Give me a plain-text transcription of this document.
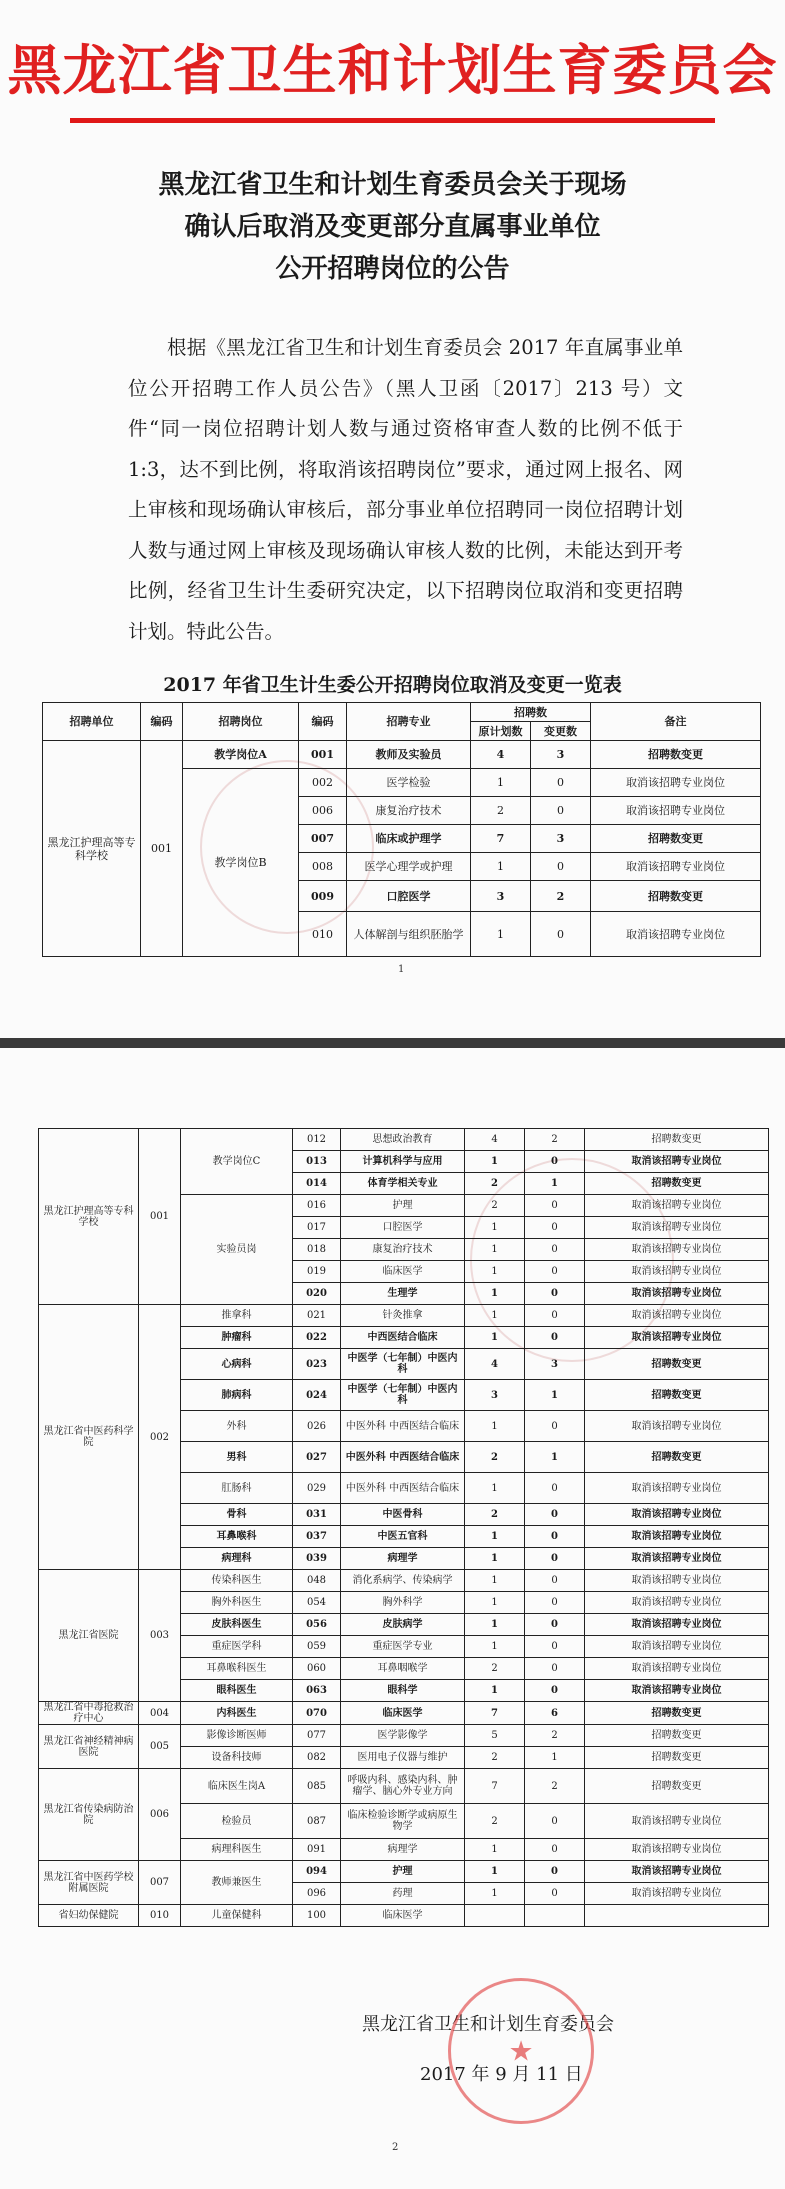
黑龙江省卫生和计划生育委员会
黑龙江省卫生和计划生育委员会关于现场
确认后取消及变更部分直属事业单位
公开招聘岗位的公告
根据《黑龙江省卫生和计划生育委员会 2017 年直属事业单位公开招聘工作人员公告》（黑人卫函〔2017〕213 号）文件“同一岗位招聘计划人数与通过资格审查人数的比例不低于 1:3，达不到比例，将取消该招聘岗位”要求，通过网上报名、网上审核和现场确认审核后，部分事业单位招聘同一岗位招聘计划人数与通过网上审核及现场确认审核人数的比例，未能达到开考比例，经省卫生计生委研究决定，以下招聘岗位取消和变更招聘计划。特此公告。
2017 年省卫生计生委公开招聘岗位取消及变更一览表
招聘单位	编码	招聘岗位	编码	招聘专业	招聘数		备注
					原计划数	变更数	
黑龙江护理高等专科学校	001	教学岗位A	001	教师及实验员	4	3	招聘数变更
		教学岗位B	002	医学检验	1	0	取消该招聘专业岗位
			006	康复治疗技术	2	0	取消该招聘专业岗位
			007	临床或护理学	7	3	招聘数变更
			008	医学心理学或护理	1	0	取消该招聘专业岗位
			009	口腔医学	3	2	招聘数变更
			010	人体解剖与组织胚胎学	1	0	取消该招聘专业岗位
1
黑龙江护理高等专科学校	001	教学岗位C	012	思想政治教育	4	2	招聘数变更
			013	计算机科学与应用	1	0	取消该招聘专业岗位
			014	体育学相关专业	2	1	招聘数变更
		实验员岗	016	护理	2	0	取消该招聘专业岗位
			017	口腔医学	1	0	取消该招聘专业岗位
			018	康复治疗技术	1	0	取消该招聘专业岗位
			019	临床医学	1	0	取消该招聘专业岗位
			020	生理学	1	0	取消该招聘专业岗位
黑龙江省中医药科学院	002	推拿科	021	针灸推拿	1	0	取消该招聘专业岗位
		肿瘤科	022	中西医结合临床	1	0	取消该招聘专业岗位
		心病科	023	中医学（七年制）中医内科	4	3	招聘数变更
		肺病科	024	中医学（七年制）中医内科	3	1	招聘数变更
		外科	026	中医外科 中西医结合临床	1	0	取消该招聘专业岗位
		男科	027	中医外科 中西医结合临床	2	1	招聘数变更
		肛肠科	029	中医外科 中西医结合临床	1	0	取消该招聘专业岗位
		骨科	031	中医骨科	2	0	取消该招聘专业岗位
		耳鼻喉科	037	中医五官科	1	0	取消该招聘专业岗位
		病理科	039	病理学	1	0	取消该招聘专业岗位
黑龙江省医院	003	传染科医生	048	消化系病学、传染病学	1	0	取消该招聘专业岗位
		胸外科医生	054	胸外科学	1	0	取消该招聘专业岗位
		皮肤科医生	056	皮肤病学	1	0	取消该招聘专业岗位
		重症医学科	059	重症医学专业	1	0	取消该招聘专业岗位
		耳鼻喉科医生	060	耳鼻咽喉学	2	0	取消该招聘专业岗位
		眼科医生	063	眼科学	1	0	取消该招聘专业岗位
黑龙江省中毒抢救治疗中心	004	内科医生	070	临床医学	7	6	招聘数变更
黑龙江省神经精神病医院	005	影像诊断医师	077	医学影像学	5	2	招聘数变更
		设备科技师	082	医用电子仪器与维护	2	1	招聘数变更
黑龙江省传染病防治院	006	临床医生岗A	085	呼吸内科、感染内科、肿瘤学、脑心外专业方向	7	2	招聘数变更
		检验员	087	临床检验诊断学或病原生物学	2	0	取消该招聘专业岗位
		病理科医生	091	病理学	1	0	取消该招聘专业岗位
黑龙江省中医药学校附属医院	007	教师兼医生	094	护理	1	0	取消该招聘专业岗位
			096	药理	1	0	取消该招聘专业岗位
省妇幼保健院	010	儿童保健科	100	临床医学			
黑龙江省卫生和计划生育委员会
2017 年 9 月 11 日
2
★
